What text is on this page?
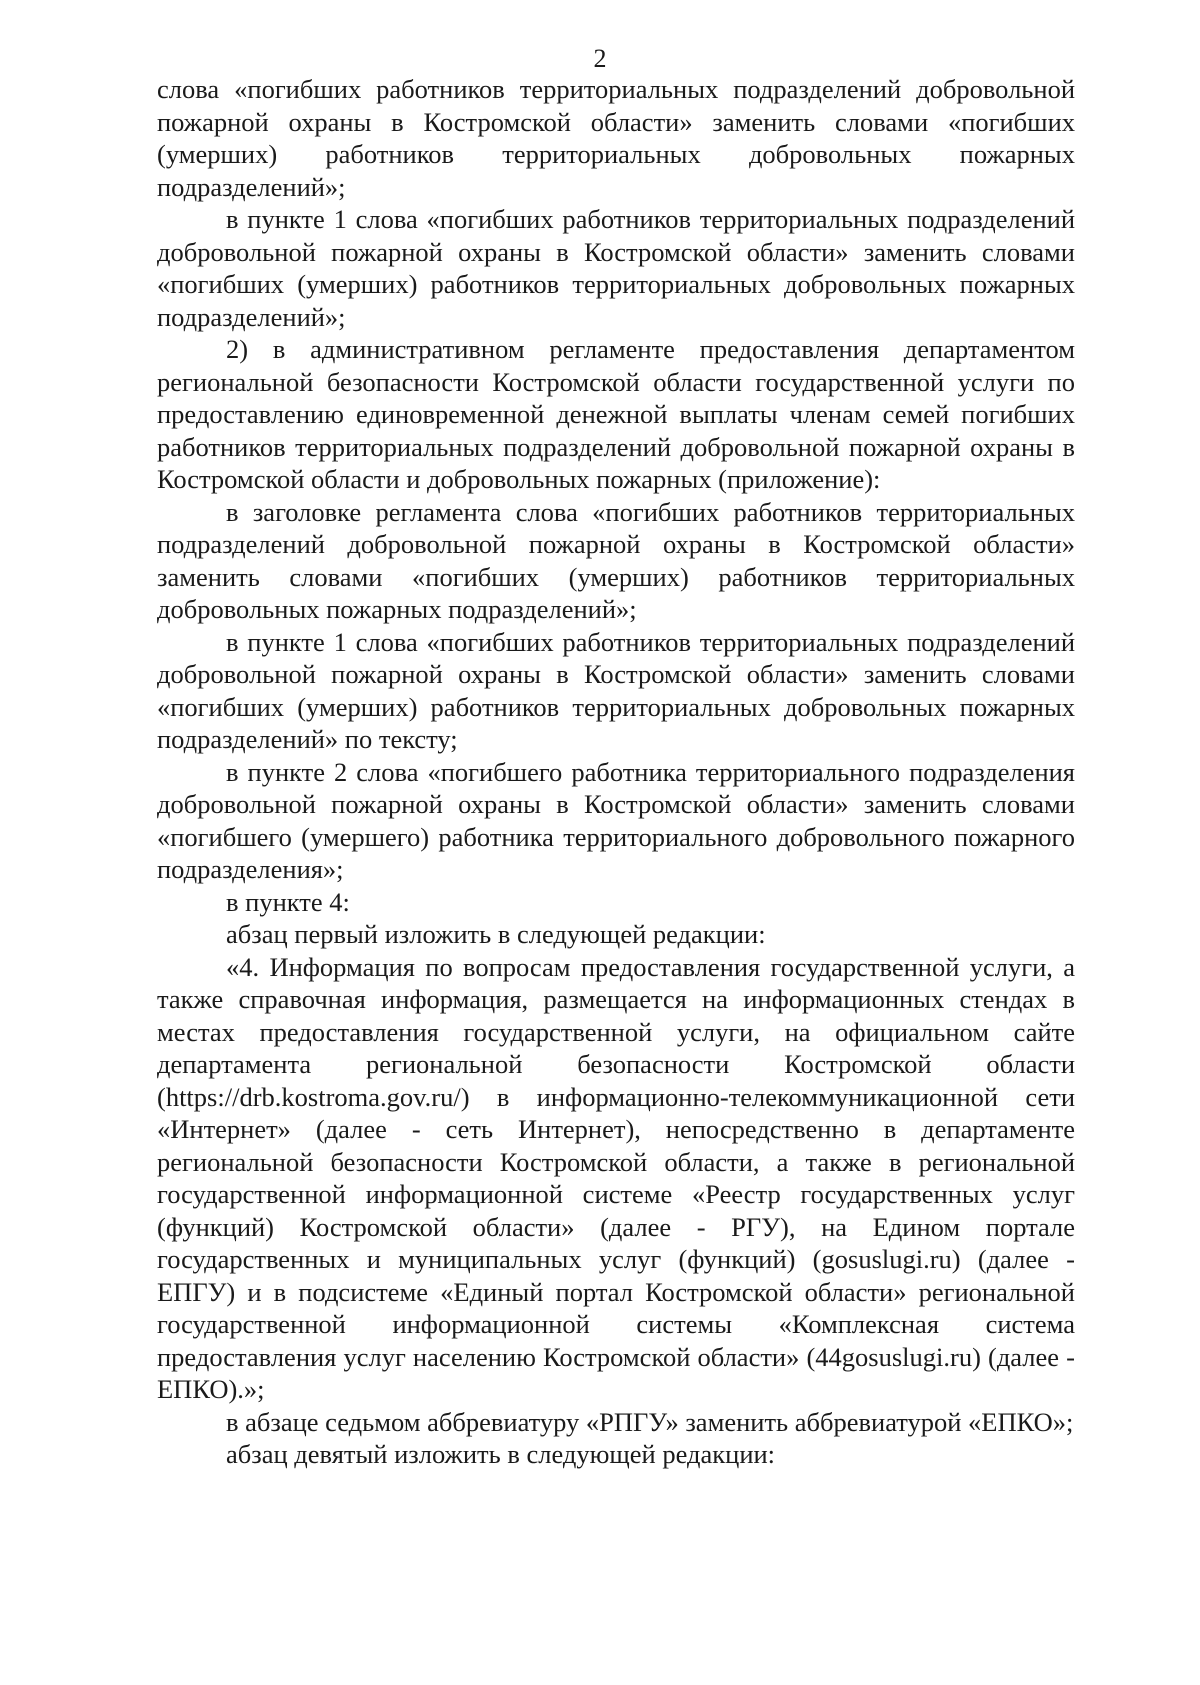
2

слова «погибших работников территориальных подразделений добровольной пожарной охраны в Костромской области» заменить словами «погибших (умерших) работников территориальных добровольных пожарных подразделений»;

в пункте 1 слова «погибших работников территориальных подразделений добровольной пожарной охраны в Костромской области» заменить словами «погибших (умерших) работников территориальных добровольных пожарных подразделений»;

2) в административном регламенте предоставления департаментом региональной безопасности Костромской области государственной услуги по предоставлению единовременной денежной выплаты членам семей погибших работников территориальных подразделений добровольной пожарной охраны в Костромской области и добровольных пожарных (приложение):

в заголовке регламента слова «погибших работников территориальных подразделений добровольной пожарной охраны в Костромской области» заменить словами «погибших (умерших) работников территориальных добровольных пожарных подразделений»;

в пункте 1 слова «погибших работников территориальных подразделений добровольной пожарной охраны в Костромской области» заменить словами «погибших (умерших) работников территориальных добровольных пожарных подразделений» по тексту;

в пункте 2 слова «погибшего работника территориального подразделения добровольной пожарной охраны в Костромской области» заменить словами «погибшего (умершего) работника территориального добровольного пожарного подразделения»;

в пункте 4:

абзац первый изложить в следующей редакции:

«4. Информация по вопросам предоставления государственной услуги, а также справочная информация, размещается на информационных стендах в местах предоставления государственной услуги, на официальном сайте департамента региональной безопасности Костромской области (https://drb.kostroma.gov.ru/) в информационно-телекоммуникационной сети «Интернет» (далее - сеть Интернет), непосредственно в департаменте региональной безопасности Костромской области, а также в региональной государственной информационной системе «Реестр государственных услуг (функций) Костромской области» (далее - РГУ), на Едином портале государственных и муниципальных услуг (функций) (gosuslugi.ru) (далее - ЕПГУ) и в подсистеме «Единый портал Костромской области» региональной государственной информационной системы «Комплексная система предоставления услуг населению Костромской области» (44gosuslugi.ru) (далее - ЕПКО).»;

в абзаце седьмом аббревиатуру «РПГУ» заменить аббревиатурой «ЕПКО»;

абзац девятый изложить в следующей редакции:
